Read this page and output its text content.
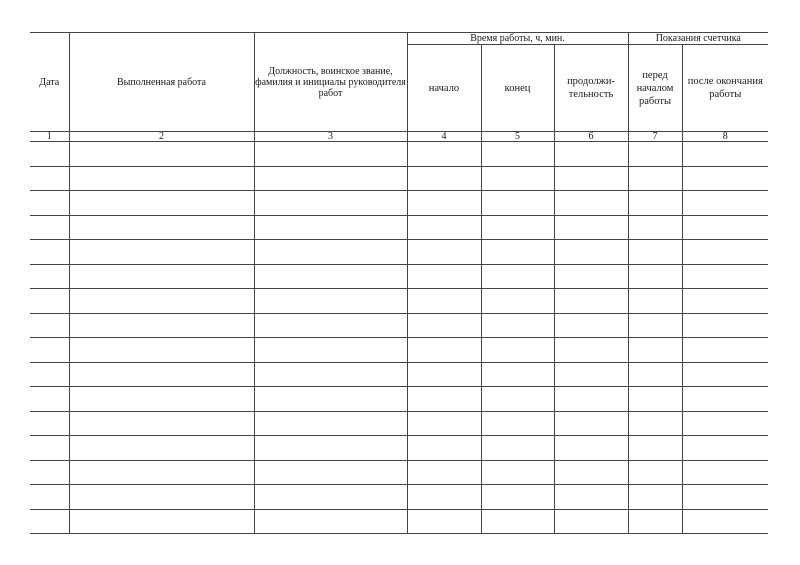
Дата	Выполненная работа	Должность, воинское звание, фамилия и инициалы руководителя работ	Время работы, ч, мин.			Показания счетчика	
			начало	конец	продолжи-тельность	перед началом работы	после окончания работы
1	2	3	4	5	6	7	8
